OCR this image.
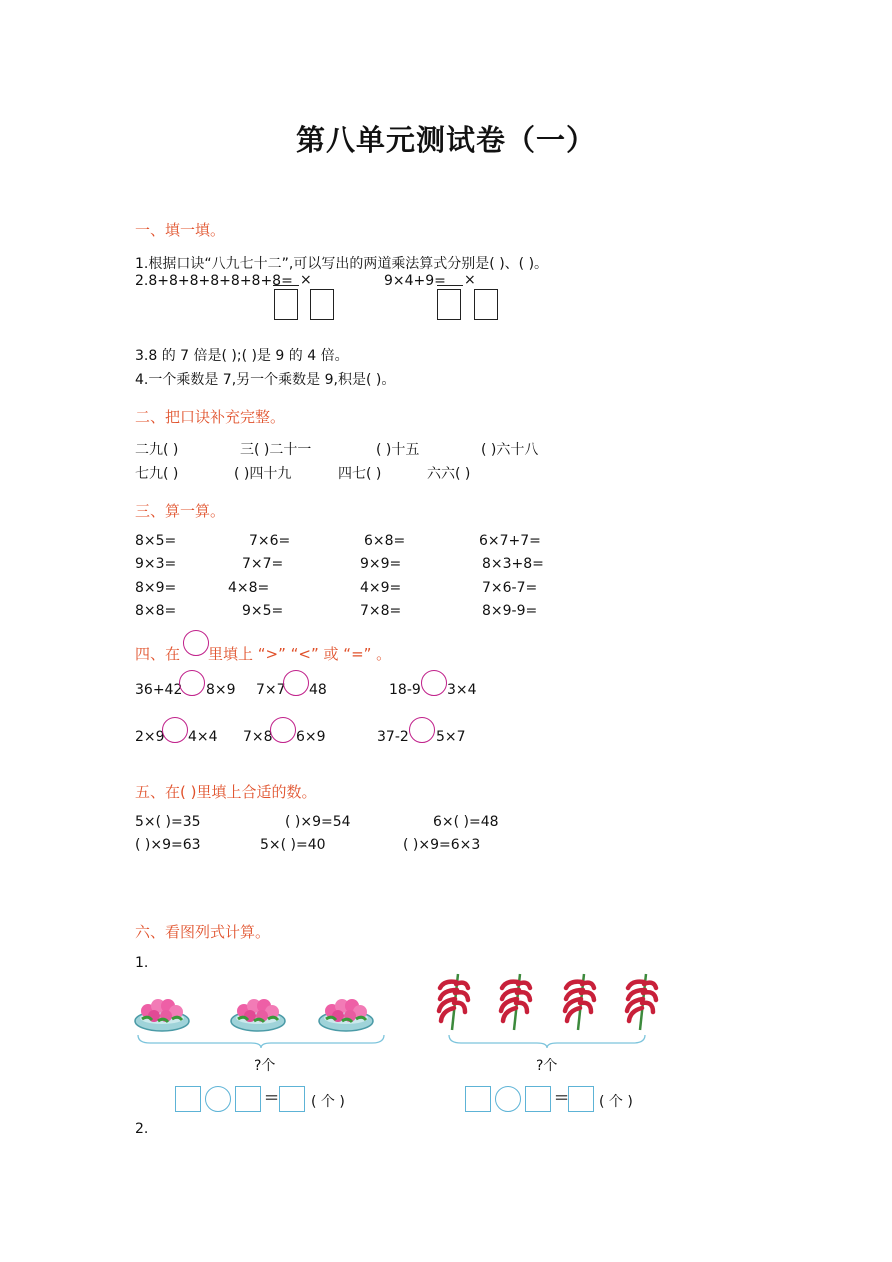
第八单元测试卷（一）
一、填一填。
1.根据口诀“八九七十二”,可以写出的两道乘法算式分别是( )、( )。
2.8+8+8+8+8+8+8= ×	9×4+9= ×
3.8 的 7 倍是( );( )是 9 的 4 倍。
4.一个乘数是 7,另一个乘数是 9,积是( )。
二、把口诀补充完整。
二九( )	三( )二十一	( )十五	( )六十八
七九( )	( )四十九	四七( )	六六( )
三、算一算。
8×5=	7×6=	6×8=	6×7+7=
9×3=	7×7=	9×9=	8×3+8=
8×9=	4×8=	4×9=	7×6-7=
8×8=	9×5=	7×8=	8×9-9=
四、在 里填上 “>” “<” 或 “=” 。
36+42 8×9 7×7 48	18-9 3×4
2×9 4×4 7×8 6×9	37-2 5×7
五、在( )里填上合适的数。
5×( )=35	( )×9=54	6×( )=48
( )×9=63	5×( )=40	( )×9=6×3
六、看图列式计算。
1.
?个	?个
= ( 个 )	= ( 个 )
2.
